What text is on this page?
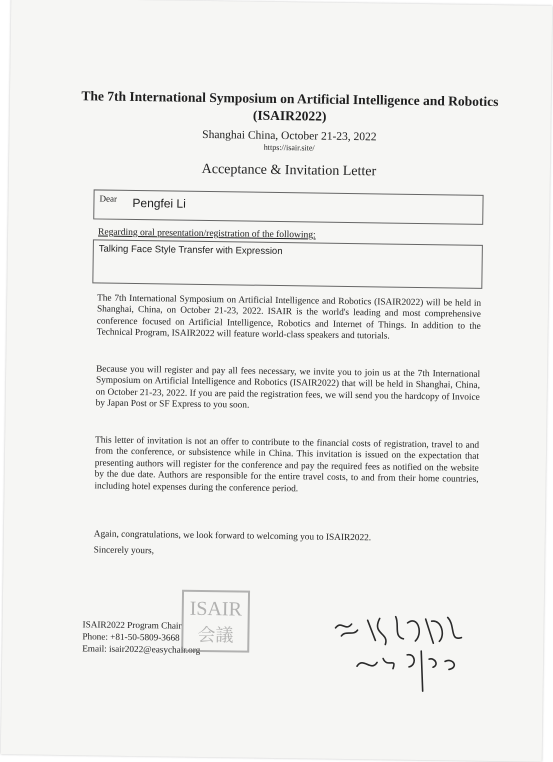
The 7th International Symposium on Artificial Intelligence and Robotics (ISAIR2022)
Shanghai China, October 21-23, 2022
https://isair.site/
Acceptance & Invitation Letter
Dear Pengfei Li
Regarding oral presentation/registration of the following:
Talking Face Style Transfer with Expression

The 7th International Symposium on Artificial Intelligence and Robotics (ISAIR2022) will be held in Shanghai, China, on October 21-23, 2022. ISAIR is the world's leading and most comprehensive conference focused on Artificial Intelligence, Robotics and Internet of Things. In addition to the Technical Program, ISAIR2022 will feature world-class speakers and tutorials.

Because you will register and pay all fees necessary, we invite you to join us at the 7th International Symposium on Artificial Intelligence and Robotics (ISAIR2022) that will be held in Shanghai, China, on October 21-23, 2022. If you are paid the registration fees, we will send you the hardcopy of Invoice by Japan Post or SF Express to you soon.

This letter of invitation is not an offer to contribute to the financial costs of registration, travel to and from the conference, or subsistence while in China. This invitation is issued on the expectation that presenting authors will register for the conference and pay the required fees as notified on the website by the due date. Authors are responsible for the entire travel costs, to and from their home countries, including hotel expenses during the conference period.

Again, congratulations, we look forward to welcoming you to ISAIR2022.

Sincerely yours,

ISAIR2022 Program Chair
Phone: +81-50-5809-3668
Email: isair2022@easychair.org
ISAIR
会議
